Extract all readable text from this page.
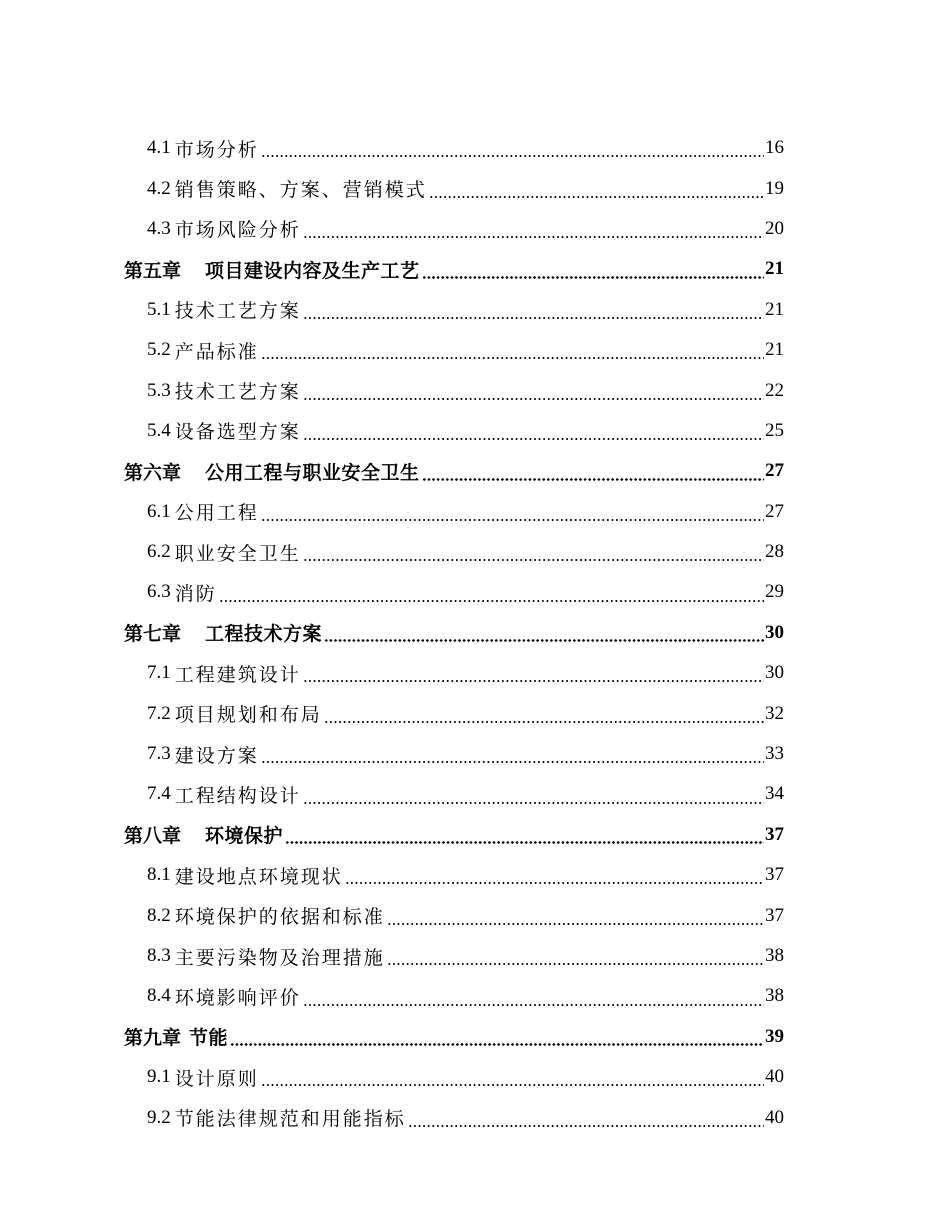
4.1 市场分析	16
4.2 销售策略、方案、营销模式	19
4.3 市场风险分析	20
第五章 项目建设内容及生产工艺	21
5.1 技术工艺方案	21
5.2 产品标准	21
5.3 技术工艺方案	22
5.4 设备选型方案	25
第六章 公用工程与职业安全卫生	27
6.1 公用工程	27
6.2 职业安全卫生	28
6.3 消防	29
第七章 工程技术方案	30
7.1 工程建筑设计	30
7.2 项目规划和布局	32
7.3 建设方案	33
7.4 工程结构设计	34
第八章 环境保护	37
8.1 建设地点环境现状	37
8.2 环境保护的依据和标准	37
8.3 主要污染物及治理措施	38
8.4 环境影响评价	38
第九章 节能	39
9.1 设计原则	40
9.2 节能法律规范和用能指标	40
